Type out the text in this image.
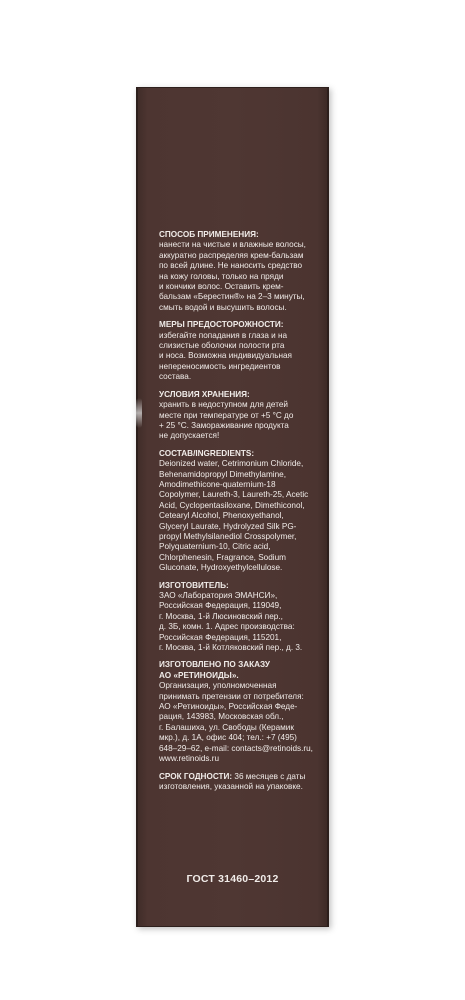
СПОСОБ ПРИМЕНЕНИЯ:
нанести на чистые и влажные волосы,
аккуратно распределяя крем-бальзам
по всей длине. Не наносить средство
на кожу головы, только на пряди
и кончики волос. Оставить крем-
бальзам «Берестин®» на 2–3 минуты,
смыть водой и высушить волосы.
МЕРЫ ПРЕДОСТОРОЖНОСТИ:
избегайте попадания в глаза и на
слизистые оболочки полости рта
и носа. Возможна индивидуальная
непереносимость ингредиентов
состава.
УСЛОВИЯ ХРАНЕНИЯ:
хранить в недоступном для детей
месте при температуре от +5 °С до
+ 25 °С. Замораживание продукта
не допускается!
СОСТАВ/INGREDIENTS:
Deionized water, Cetrimonium Chloride,
Behenamidopropyl Dimethylamine,
Amodimethicone-quaternium-18
Copolymer, Laureth-3, Laureth-25, Acetic
Acid, Cyclopentasiloxane, Dimethiconol,
Cetearyl Alcohol, Phenoxyethanol,
Glyceryl Laurate, Hydrolyzed Silk PG-
propyl Methylsilanediol Crosspolymer,
Polyquaternium-10, Citric acid,
Chlorphenesin, Fragrance, Sodium
Gluconate, Hydroxyethylcellulose.
ИЗГОТОВИТЕЛЬ:
ЗАО «Лаборатория ЭМАНСИ»,
Российская Федерация, 119049,
г. Москва, 1-й Люсиновский пер.,
д. 3Б, комн. 1. Адрес производства:
Российская Федерация, 115201,
г. Москва, 1-й Котляковский пер., д. 3.
ИЗГОТОВЛЕНО ПО ЗАКАЗУ
АО «РЕТИНОИДЫ».
Организация, уполномоченная
принимать претензии от потребителя:
АО «Ретиноиды», Российская Феде-
рация, 143983, Московская обл.,
г. Балашиха, ул. Свободы (Керамик
мкр.), д. 1А, офис 404; тел.: +7 (495)
648–29–62, e-mail: contacts@retinoids.ru,
www.retinoids.ru
СРОК ГОДНОСТИ: 36 месяцев с даты
изготовления, указанной на упаковке.
ГОСТ 31460–2012
